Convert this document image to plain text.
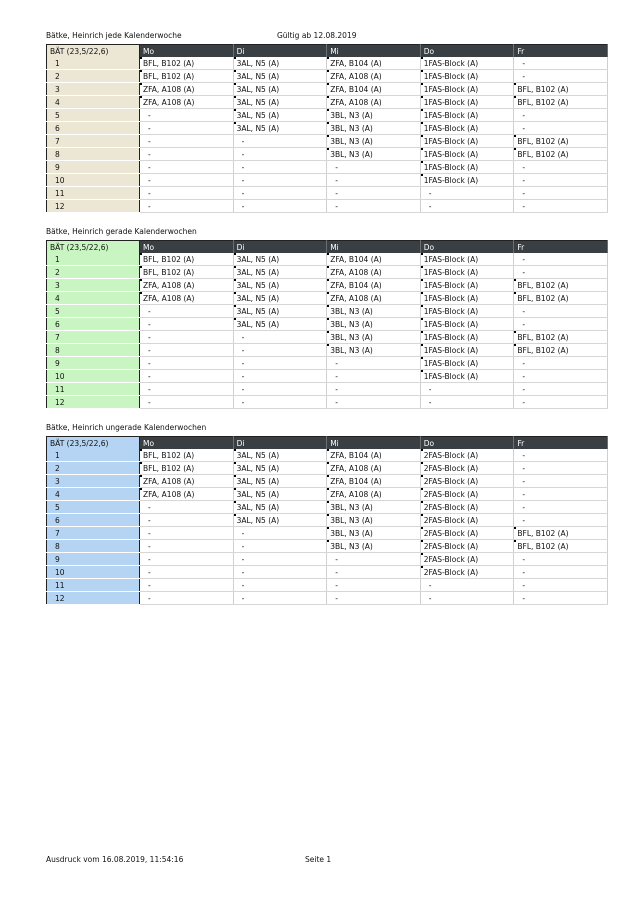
Bätke, Heinrich jede Kalenderwoche	Gültig ab 12.08.2019
BÄT (23,5/22,6)	Mo	Di	Mi	Do	Fr
1	BFL, B102 (A)	3AL, N5 (A)	ZFA, B104 (A)	1FAS-Block (A)	-
2	BFL, B102 (A)	3AL, N5 (A)	ZFA, A108 (A)	1FAS-Block (A)	-
3	ZFA, A108 (A)	3AL, N5 (A)	ZFA, B104 (A)	1FAS-Block (A)	BFL, B102 (A)

4	ZFA, A108 (A)	3AL, N5 (A)	ZFA, A108 (A)	1FAS-Block (A)	BFL, B102 (A)

5	-	3AL, N5 (A)	3BL, N3 (A)	1FAS-Block (A)	-
6	-	3AL, N5 (A)	3BL, N3 (A)	1FAS-Block (A)	-
7	-	-	3BL, N3 (A)	1FAS-Block (A)	BFL, B102 (A)

8	-	-	3BL, N3 (A)	1FAS-Block (A)	BFL, B102 (A)

9	-	-	-	1FAS-Block (A)	-
10	-	-	-	1FAS-Block (A)	-
11	-	-	-	-	-
12	-	-	-	-	-
Bätke, Heinrich gerade Kalenderwochen
BÄT (23,5/22,6)	Mo	Di	Mi	Do	Fr
1	BFL, B102 (A)	3AL, N5 (A)	ZFA, B104 (A)	1FAS-Block (A)	-
2	BFL, B102 (A)	3AL, N5 (A)	ZFA, A108 (A)	1FAS-Block (A)	-
3	ZFA, A108 (A)	3AL, N5 (A)	ZFA, B104 (A)	1FAS-Block (A)	BFL, B102 (A)

4	ZFA, A108 (A)	3AL, N5 (A)	ZFA, A108 (A)	1FAS-Block (A)	BFL, B102 (A)

5	-	3AL, N5 (A)	3BL, N3 (A)	1FAS-Block (A)	-
6	-	3AL, N5 (A)	3BL, N3 (A)	1FAS-Block (A)	-
7	-	-	3BL, N3 (A)	1FAS-Block (A)	BFL, B102 (A)

8	-	-	3BL, N3 (A)	1FAS-Block (A)	BFL, B102 (A)

9	-	-	-	1FAS-Block (A)	-
10	-	-	-	1FAS-Block (A)	-
11	-	-	-	-	-
12	-	-	-	-	-
Bätke, Heinrich ungerade Kalenderwochen
BÄT (23,5/22,6)	Mo	Di	Mi	Do	Fr
1	BFL, B102 (A)	3AL, N5 (A)	ZFA, B104 (A)	2FAS-Block (A)	-
2	BFL, B102 (A)	3AL, N5 (A)	ZFA, A108 (A)	2FAS-Block (A)	-
3	ZFA, A108 (A)	3AL, N5 (A)	ZFA, B104 (A)	2FAS-Block (A)	-
4	ZFA, A108 (A)	3AL, N5 (A)	ZFA, A108 (A)	2FAS-Block (A)	-
5	-	3AL, N5 (A)	3BL, N3 (A)	2FAS-Block (A)	-
6	-	3AL, N5 (A)	3BL, N3 (A)	2FAS-Block (A)	-
7	-	-	3BL, N3 (A)	2FAS-Block (A)	BFL, B102 (A)

8	-	-	3BL, N3 (A)	2FAS-Block (A)	BFL, B102 (A)

9	-	-	-	2FAS-Block (A)	-
10	-	-	-	2FAS-Block (A)	-
11	-	-	-	-	-
12	-	-	-	-	-
Ausdruck vom 16.08.2019, 11:54:16	Seite 1
